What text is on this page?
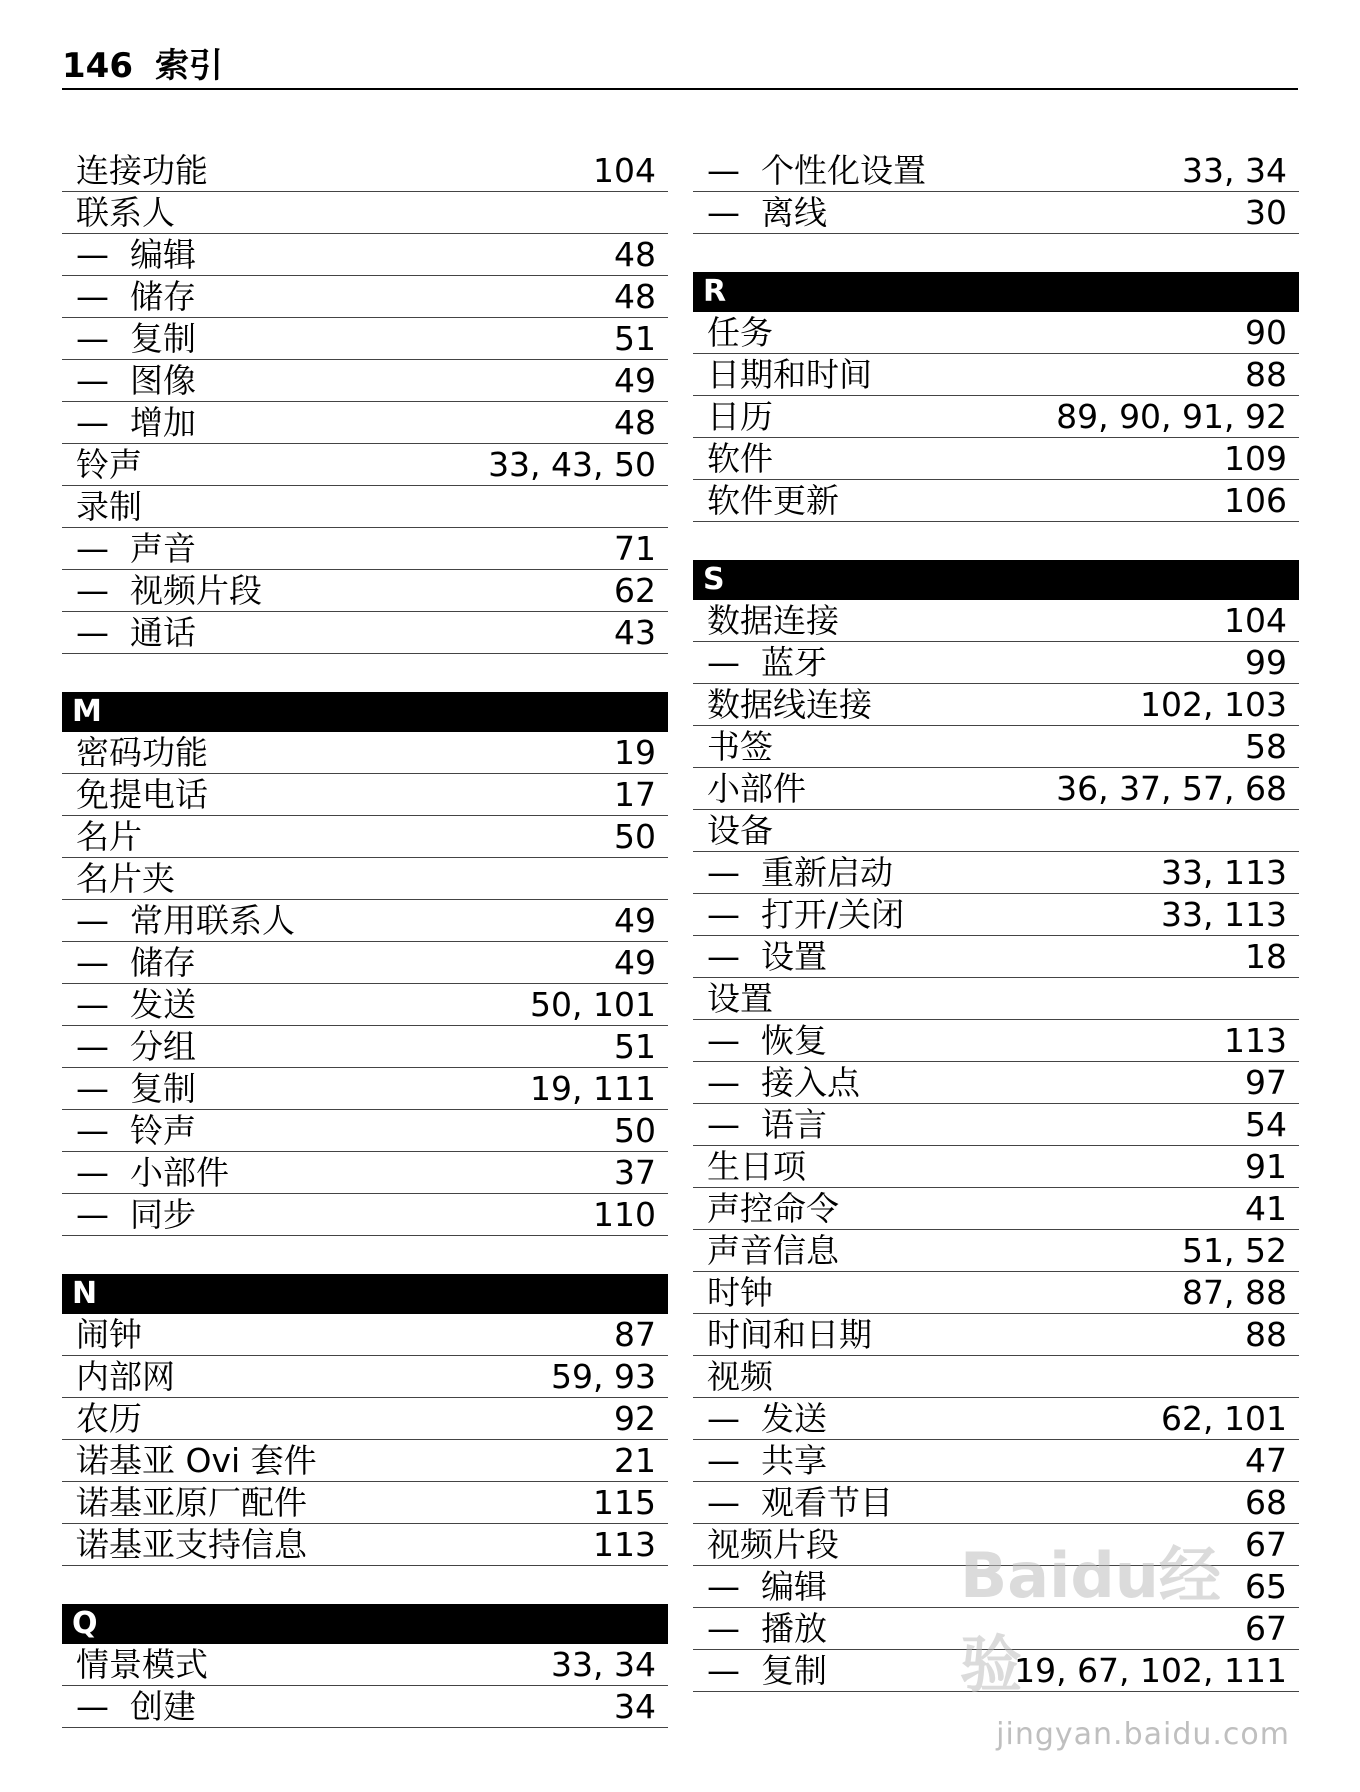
146 索引
连接功能	104
联系人
—  编辑	48
—  储存	48
—  复制	51
—  图像	49
—  增加	48
铃声	33, 43, 50
录制
—  声音	71
—  视频片段	62
—  通话	43
M
密码功能	19
免提电话	17
名片	50
名片夹
—  常用联系人	49
—  储存	49
—  发送	50, 101
—  分组	51
—  复制	19, 111
—  铃声	50
—  小部件	37
—  同步	110
N
闹钟	87
内部网	59, 93
农历	92
诺基亚 Ovi 套件	21
诺基亚原厂配件	115
诺基亚支持信息	113
Q
情景模式	33, 34
—  创建	34
—  个性化设置	33, 34
—  离线	30
R
任务	90
日期和时间	88
日历	89, 90, 91, 92
软件	109
软件更新	106
S
数据连接	104
—  蓝牙	99
数据线连接	102, 103
书签	58
小部件	36, 37, 57, 68
设备
—  重新启动	33, 113
—  打开/关闭	33, 113
—  设置	18
设置
—  恢复	113
—  接入点	97
—  语言	54
生日项	91
声控命令	41
声音信息	51, 52
时钟	87, 88
时间和日期	88
视频
—  发送	62, 101
—  共享	47
—  观看节目	68
视频片段	67
—  编辑	65
—  播放	67
—  复制	19, 67, 102, 111
Baidu经验
jingyan.baidu.com
